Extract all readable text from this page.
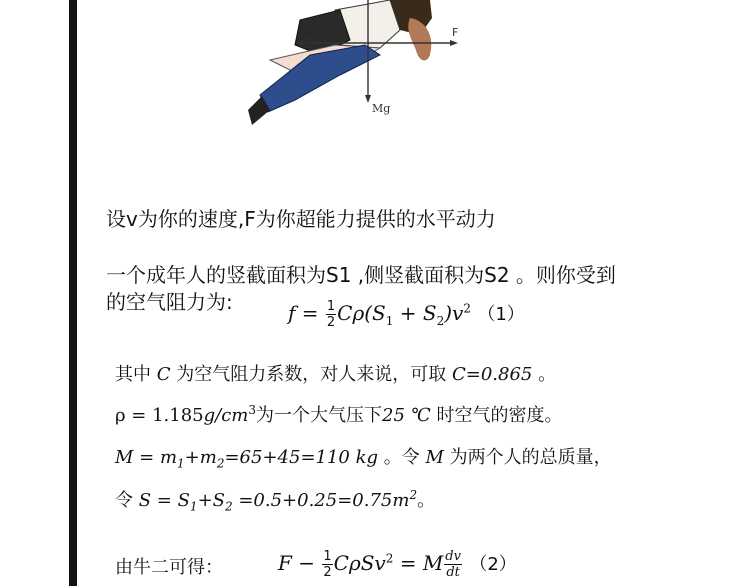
F
Mg
设v为你的速度,F为你超能力提供的水平动力
一个成年人的竖截面积为S1 ,侧竖截面积为S2 。则你受到
的空气阻力为:	$f = \frac{1}{2} C\rho(S_1 + S_2)v^2$ （1）
其中 C 为空气阻力系数，对人来说，可取 C=0.865 。
$\rho = 1.185g/cm^3$为一个大气压下25 ℃ 时空气的密度。
$M = m_1+m_2=65+45=110$ kg 。令 M 为两个人的总质量，
令 $S = S_1+S_2 =0.5+0.25=0.75m^2$。
由牛二可得：	$F - \frac{1}{2} C\rho Sv^2 = M \frac{dv}{dt} (2)$
